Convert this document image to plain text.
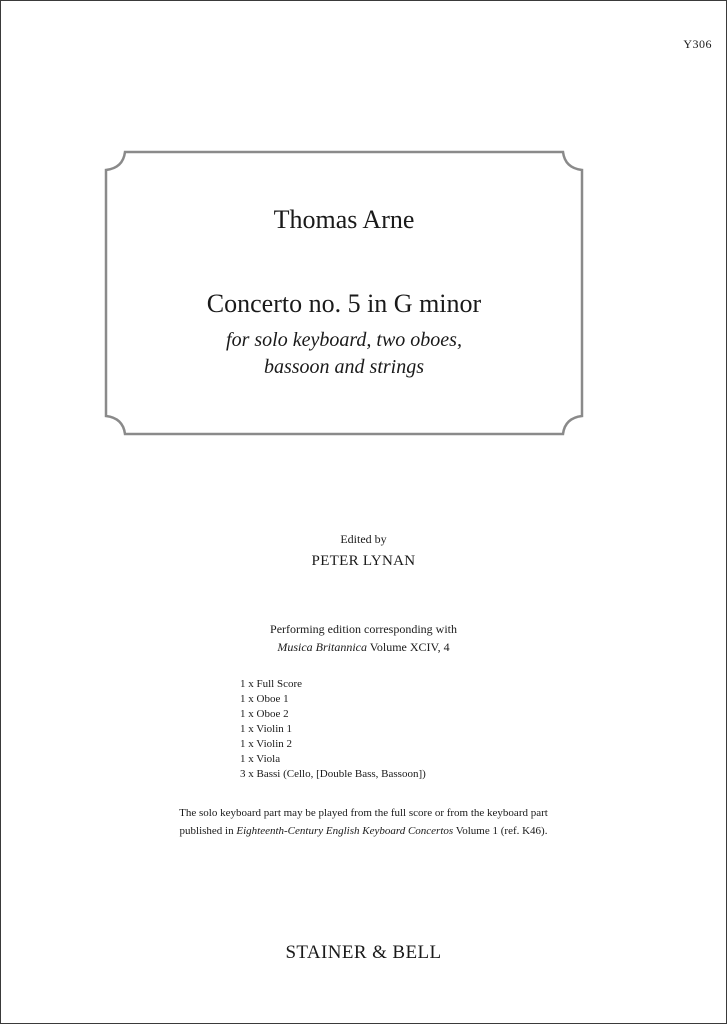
Y306
Thomas Arne
Concerto no. 5 in G minor
for solo keyboard, two oboes,
bassoon and strings
Edited by
PETER LYNAN
Performing edition corresponding with
Musica Britannica Volume XCIV, 4
1 x Full Score
1 x Oboe 1
1 x Oboe 2
1 x Violin 1
1 x Violin 2
1 x Viola
3 x Bassi (Cello, [Double Bass, Bassoon])
The solo keyboard part may be played from the full score or from the keyboard part
published in Eighteenth-Century English Keyboard Concertos Volume 1 (ref. K46).
STAINER & BELL
